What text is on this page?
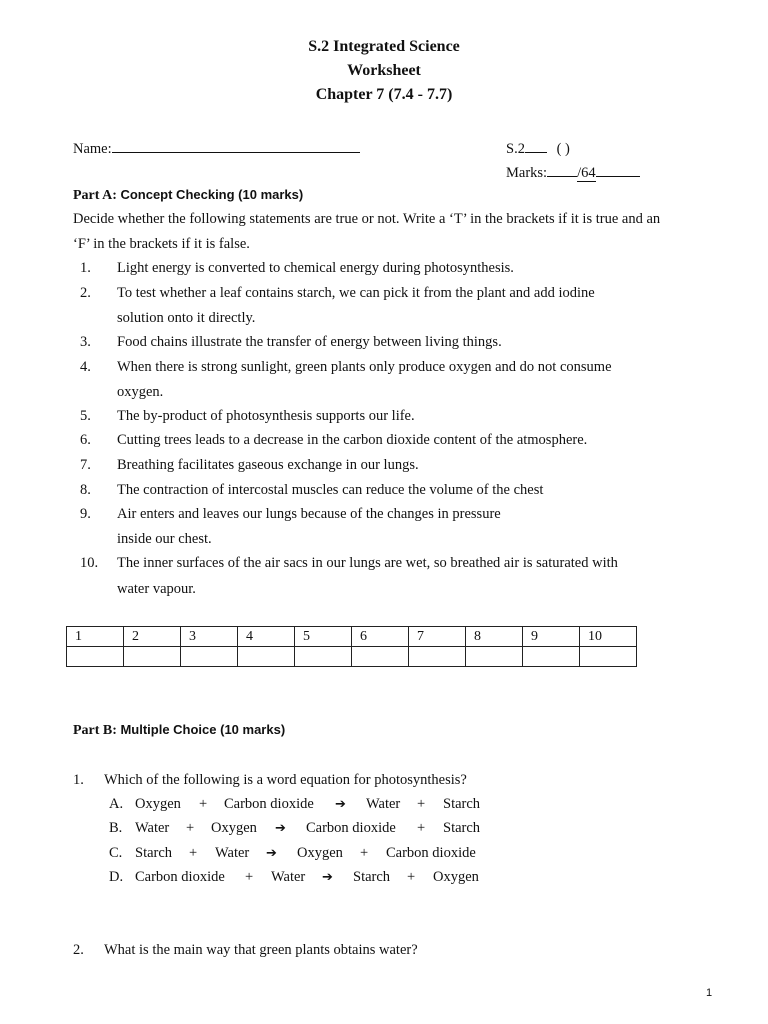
S.2 Integrated Science
Worksheet
Chapter 7 (7.4 - 7.7)
Name:	S.2 ( )
Marks: /64
Part A: Concept Checking (10 marks)
Decide whether the following statements are true or not. Write a ‘T’ in the brackets if it is true and an
‘F’ in the brackets if it is false.
1. Light energy is converted to chemical energy during photosynthesis.
2. To test whether a leaf contains starch, we can pick it from the plant and add iodine
solution onto it directly.
3. Food chains illustrate the transfer of energy between living things.
4. When there is strong sunlight, green plants only produce oxygen and do not consume
oxygen.
5. The by-product of photosynthesis supports our life.
6. Cutting trees leads to a decrease in the carbon dioxide content of the atmosphere.
7. Breathing facilitates gaseous exchange in our lungs.
8. The contraction of intercostal muscles can reduce the volume of the chest
9. Air enters and leaves our lungs because of the changes in pressure
inside our chest.
10. The inner surfaces of the air sacs in our lungs are wet, so breathed air is saturated with
water vapour.
1	2	3	4	5	6	7	8	9	10

Part B: Multiple Choice (10 marks)
1. Which of the following is a word equation for photosynthesis?
A. Oxygen + Carbon dioxide ➔ Water + Starch
B. Water + Oxygen ➔ Carbon dioxide + Starch
C. Starch + Water ➔ Oxygen + Carbon dioxide
D. Carbon dioxide + Water ➔ Starch + Oxygen
2. What is the main way that green plants obtains water?
1
